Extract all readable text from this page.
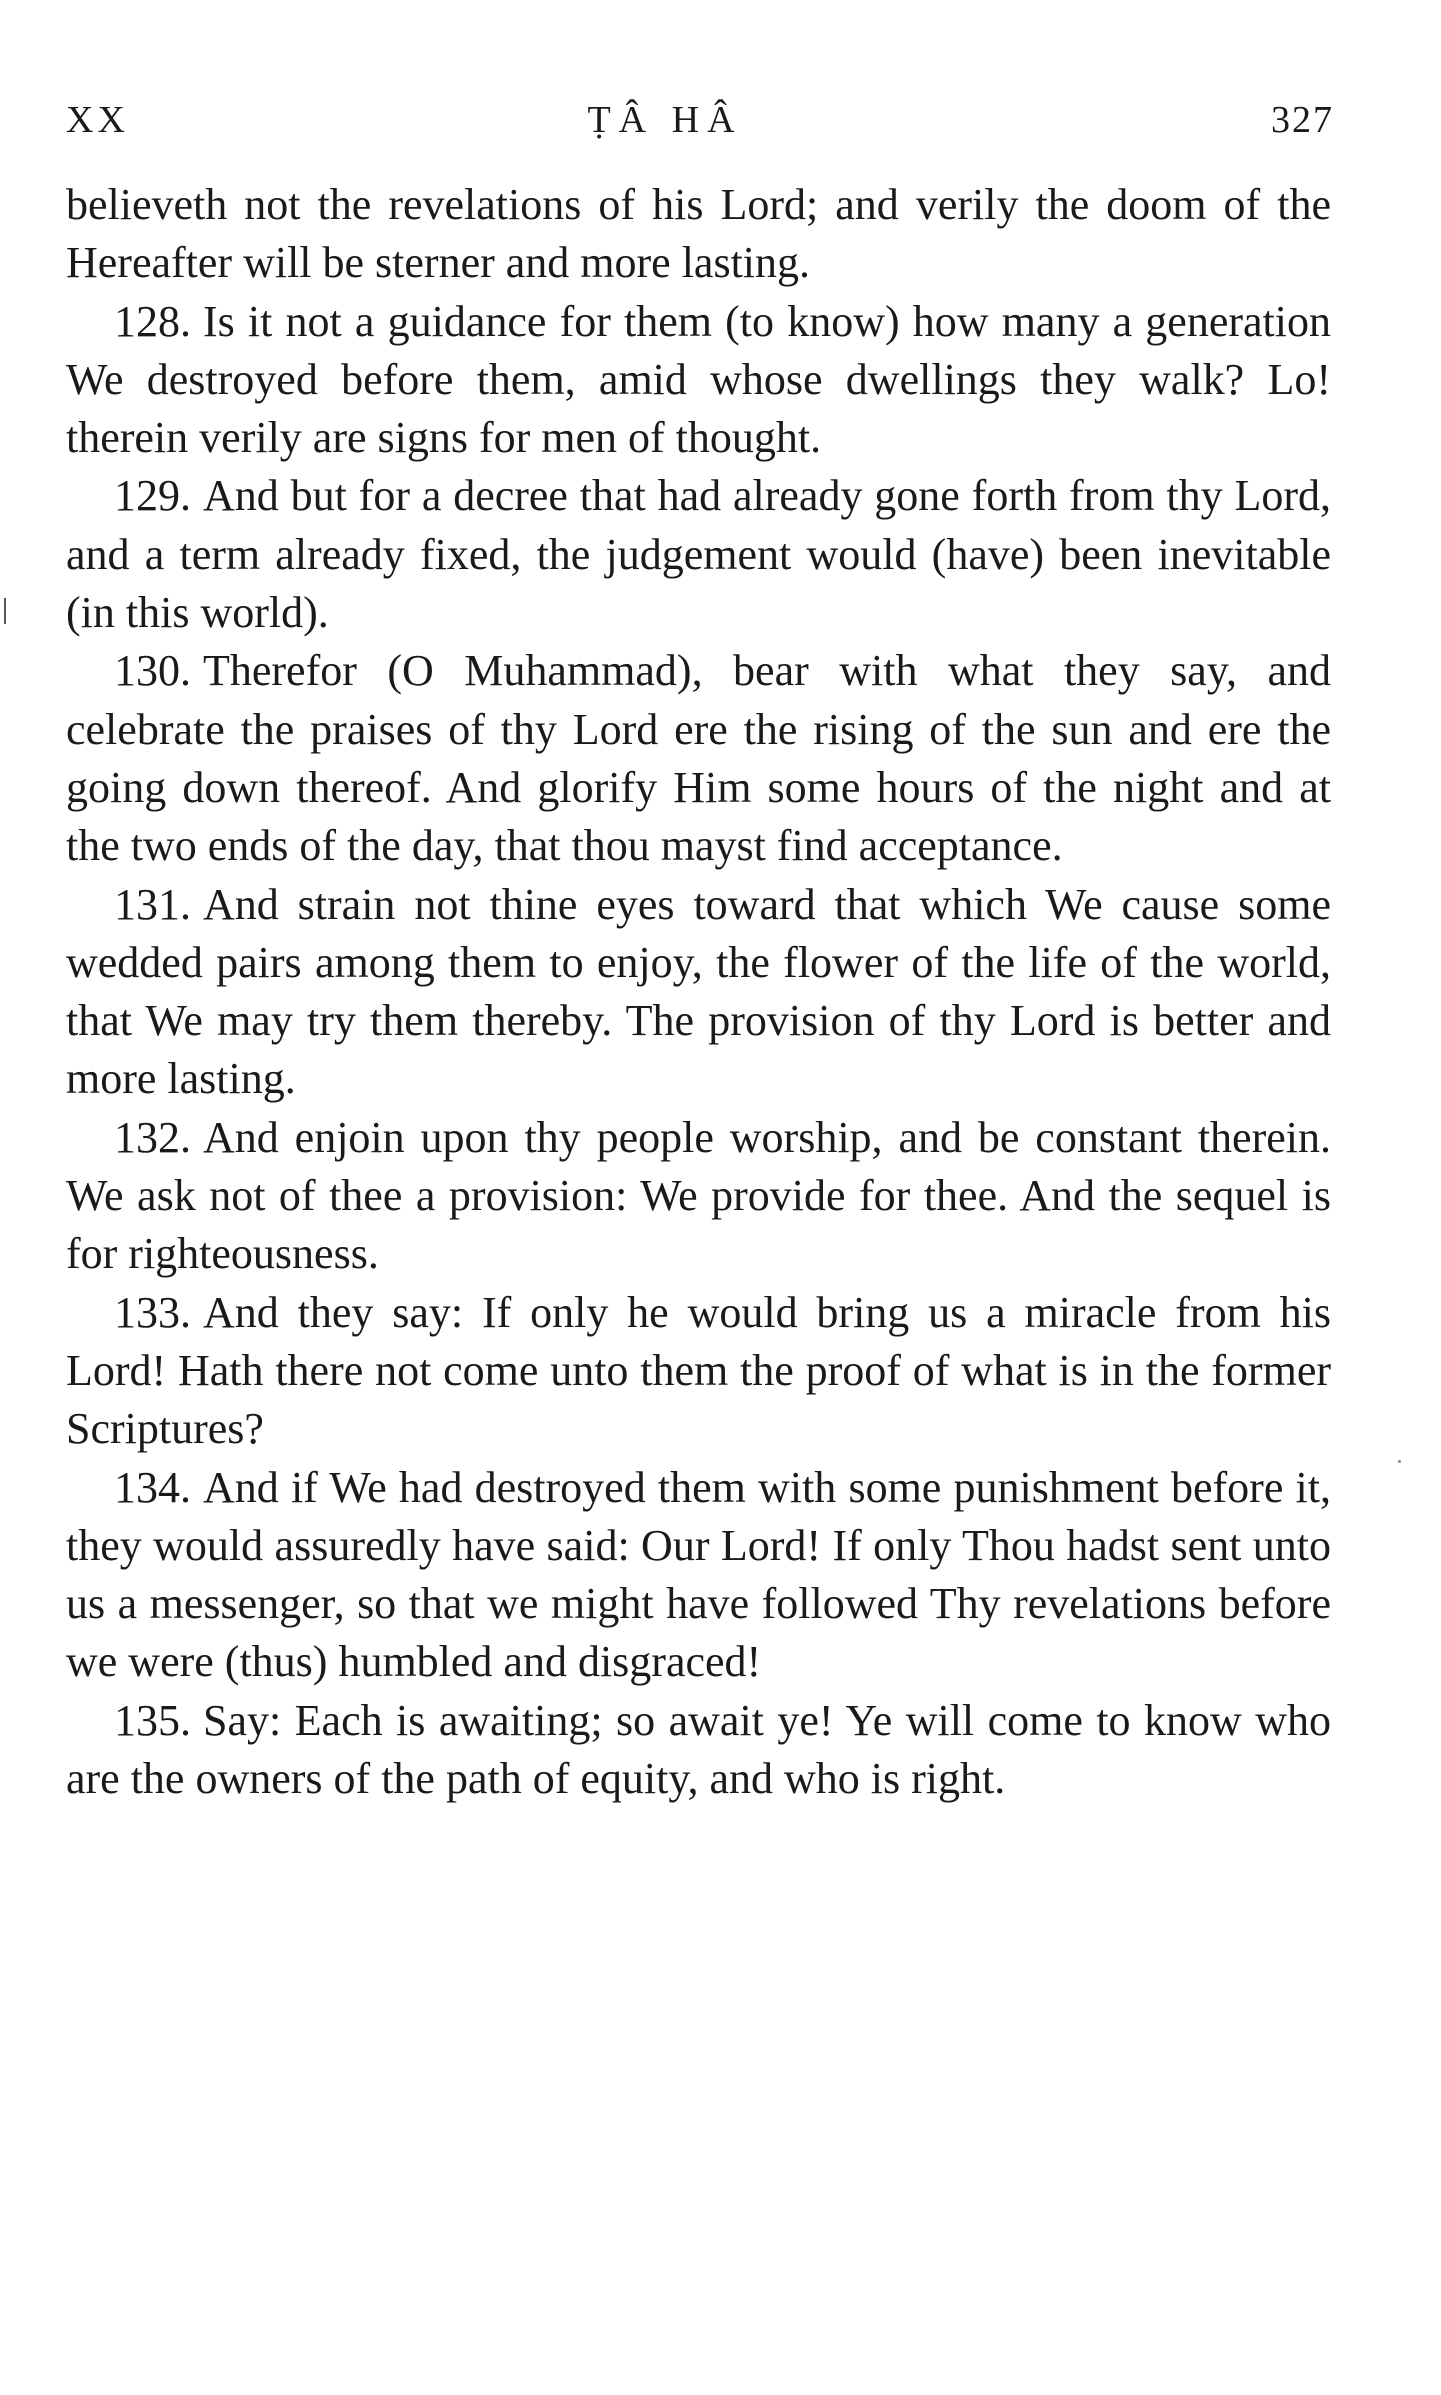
XX	ṬÂ HÂ	327

believeth not the revelations of his Lord; and verily the doom of the Hereafter will be sterner and more lasting.

128. Is it not a guidance for them (to know) how many a generation We destroyed before them, amid whose dwellings they walk? Lo! therein verily are signs for men of thought.

129. And but for a decree that had already gone forth from thy Lord, and a term already fixed, the judgement would (have) been inevitable (in this world).

130. Therefor (O Muhammad), bear with what they say, and celebrate the praises of thy Lord ere the rising of the sun and ere the going down thereof. And glorify Him some hours of the night and at the two ends of the day, that thou mayst find acceptance.

131. And strain not thine eyes toward that which We cause some wedded pairs among them to enjoy, the flower of the life of the world, that We may try them thereby. The provision of thy Lord is better and more lasting.

132. And enjoin upon thy people worship, and be constant therein. We ask not of thee a provision: We provide for thee. And the sequel is for righteousness.

133. And they say: If only he would bring us a miracle from his Lord! Hath there not come unto them the proof of what is in the former Scriptures?

134. And if We had destroyed them with some punishment before it, they would assuredly have said: Our Lord! If only Thou hadst sent unto us a messenger, so that we might have followed Thy revelations before we were (thus) humbled and disgraced!

135. Say: Each is awaiting; so await ye! Ye will come to know who are the owners of the path of equity, and who is right.
